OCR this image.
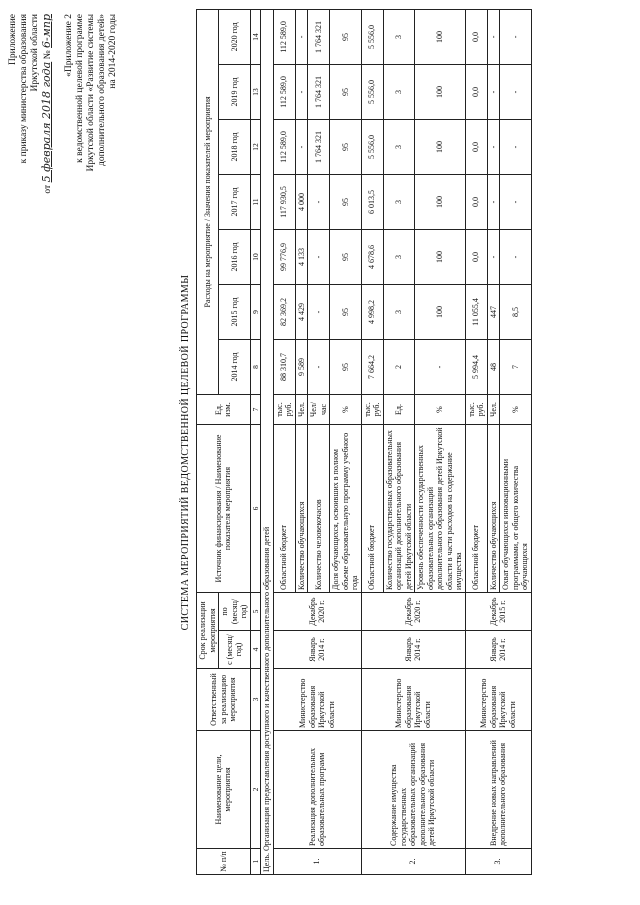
Приложение к приказу министерства образования Иркутской области
от 5 февраля 2018 года № 6-мпр «Приложение 2 к ведомственной целевой программе Иркутской области «Развитие системы дополнительного образования детей» на 2014-2020 годы
СИСТЕМА МЕРОПРИЯТИЙ ВЕДОМСТВЕННОЙ ЦЕЛЕВОЙ ПРОГРАММЫ
№ п/п	Наименование цели, мероприятия	Ответственный за реализацию мероприятия	Срок реализации мероприятия		Источник финансирования / Наименование показателя мероприятия	Ед. изм.	Расходы на мероприятие / Значения показателей мероприятия						
			с (месяц/ год)	по (месяц/ год)									
							2014 год	2015 год	2016 год	2017 год	2018 год	2019 год	2020 год
1	2	3	4	5	6	7	8	9	10	11	12	13	14
Цель. Организация предоставления доступного и качественного дополнительного образования детей													
1.	Реализация дополнительных образовательных программ	Министерство образования Иркутской области	Январь 2014 г.	Декабрь 2020 г.	Областной бюджет	тыс. руб.	88 310,7	82 369,2	99 776,9	117 930,5	112 589,0	112 589,0	112 589,0
					Количество обучающихся	Чел.	9 589	4 429	4 133	4 000	-	-	-
					Количество человекочасов	Чел/час	-	-	-	-	1 764 321	1 764 321	1 764 321
					Доля обучающихся, освоивших в полном объеме образовательную программу учебного года	%	95	95	95	95	95	95	95
2.	Содержание имущества государственных образовательных организаций дополнительного образования детей Иркутской области	Министерство образования Иркутской области	Январь 2014 г.	Декабрь 2020 г.	Областной бюджет	тыс. руб.	7 664,2	4 998,2	4 678,6	6 013,5	5 556,0	5 556,0	5 556,0
					Количество государственных образовательных организаций дополнительного образования детей Иркутской области	Ед.	2	3	3	3	3	3	3
					Уровень обеспеченности государственных образовательных организаций дополнительного образования детей Иркутской области в части расходов на содержание имущества	%	-	100	100	100	100	100	100
3.	Внедрение новых направлений дополнительного образования	Министерство образования Иркутской области	Январь 2014 г.	Декабрь 2015 г.	Областной бюджет	тыс. руб.	5 994,4	11 055,4	0,0	0,0	0,0	0,0	0,0
					Количество обучающихся	Чел.	48	447	-	-	-	-	-
					Охват обучающихся инновационными программами, от общего количества обучающихся	%	7	8,5	-	-	-	-	-
